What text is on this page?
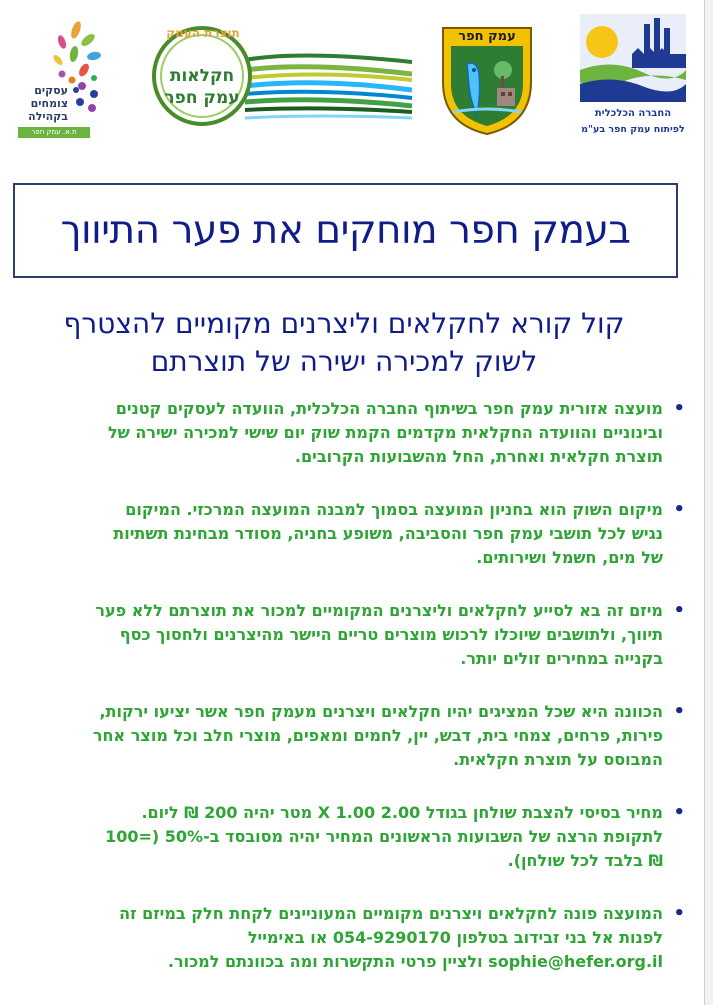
עסקים
צומחים
בקהילה
ת.א. עמק חפר
תוצרת העמק
חקלאות
עמק חפר
עמק חפר
החברה הכלכלית
לפיתוח עמק חפר בע"מ
בעמק חפר מוחקים את פער התיווך
קול קורא לחקלאים וליצרנים מקומיים להצטרף
לשוק למכירה ישירה של תוצרתם
• מועצה אזורית עמק חפר בשיתוף החברה הכלכלית, הוועדה לעסקים קטנים
ובינוניים והוועדה החקלאית מקדמים הקמת שוק יום שישי למכירה ישירה של
תוצרת חקלאית ואחרת, החל מהשבועות הקרובים.
• מיקום השוק הוא בחניון המועצה בסמוך למבנה המועצה המרכזי. המיקום
נגיש לכל תושבי עמק חפר והסביבה, משופע בחניה, מסודר מבחינת תשתיות
של מים, חשמל ושירותים.
• מיזם זה בא לסייע לחקלאים וליצרנים המקומיים למכור את תוצרתם ללא פער
תיווך, ולתושבים שיוכלו לרכוש מוצרים טריים היישר מהיצרנים ולחסוך כסף
בקנייה במחירים זולים יותר.
• הכוונה היא שכל המציגים יהיו חקלאים ויצרנים מעמק חפר אשר יציעו ירקות,
פירות, פרחים, צמחי בית, דבש, יין, לחמים ומאפים, מוצרי חלב וכל מוצר אחר
המבוסס על תוצרת חקלאית.
• מחיר בסיסי להצבת שולחן בגודל 2.00 X 1.00 מטר יהיה 200 ₪ ליום.
לתקופת הרצה של השבועות הראשונים המחיר יהיה מסובסד ב-50% (=100
₪ בלבד לכל שולחן).
• המועצה פונה לחקלאים ויצרנים מקומיים המעוניינים לקחת חלק במיזם זה
לפנות אל בני זבידוב בטלפון 054-9290170 או באימייל
sophie@hefer.org.il ולציין פרטי התקשרות ומה בכוונתם למכור.
